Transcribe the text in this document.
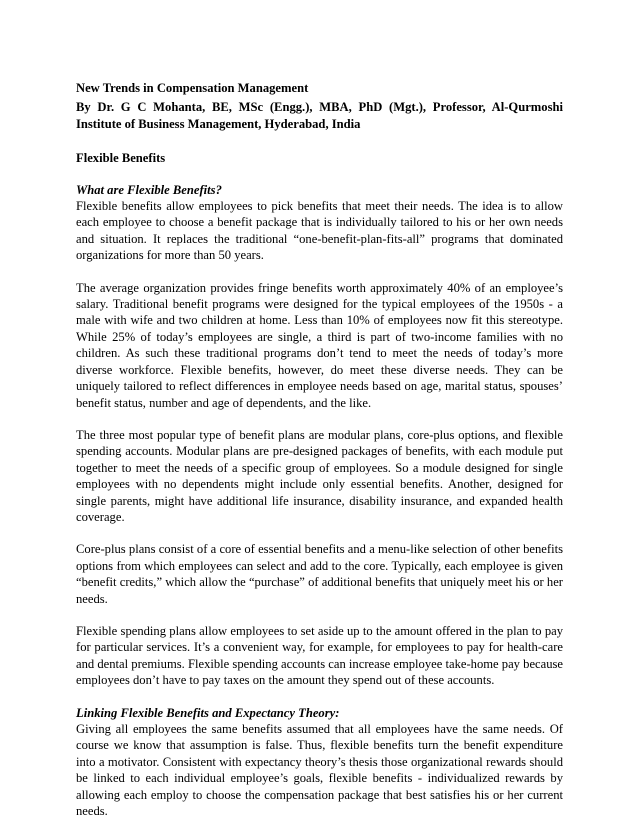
New Trends in Compensation Management

By Dr. G C Mohanta, BE, MSc (Engg.), MBA, PhD (Mgt.), Professor, Al-Qurmoshi Institute of Business Management, Hyderabad, India

Flexible Benefits

What are Flexible Benefits?

Flexible benefits allow employees to pick benefits that meet their needs. The idea is to allow each employee to choose a benefit package that is individually tailored to his or her own needs and situation. It replaces the traditional “one-benefit-plan-fits-all” programs that dominated organizations for more than 50 years.

The average organization provides fringe benefits worth approximately 40% of an employee’s salary. Traditional benefit programs were designed for the typical employees of the 1950s - a male with wife and two children at home. Less than 10% of employees now fit this stereotype. While 25% of today’s employees are single, a third is part of two-income families with no children. As such these traditional programs don’t tend to meet the needs of today’s more diverse workforce. Flexible benefits, however, do meet these diverse needs. They can be uniquely tailored to reflect differences in employee needs based on age, marital status, spouses’ benefit status, number and age of dependents, and the like.

The three most popular type of benefit plans are modular plans, core-plus options, and flexible spending accounts. Modular plans are pre-designed packages of benefits, with each module put together to meet the needs of a specific group of employees. So a module designed for single employees with no dependents might include only essential benefits. Another, designed for single parents, might have additional life insurance, disability insurance, and expanded health coverage.

Core-plus plans consist of a core of essential benefits and a menu-like selection of other benefits options from which employees can select and add to the core. Typically, each employee is given “benefit credits,” which allow the “purchase” of additional benefits that uniquely meet his or her needs.

Flexible spending plans allow employees to set aside up to the amount offered in the plan to pay for particular services. It’s a convenient way, for example, for employees to pay for health-care and dental premiums. Flexible spending accounts can increase employee take-home pay because employees don’t have to pay taxes on the amount they spend out of these accounts.

Linking Flexible Benefits and Expectancy Theory:

Giving all employees the same benefits assumed that all employees have the same needs. Of course we know that assumption is false. Thus, flexible benefits turn the benefit expenditure into a motivator. Consistent with expectancy theory’s thesis those organizational rewards should be linked to each individual employee’s goals, flexible benefits - individualized rewards by allowing each employ to choose the compensation package that best satisfies his or her current needs.
